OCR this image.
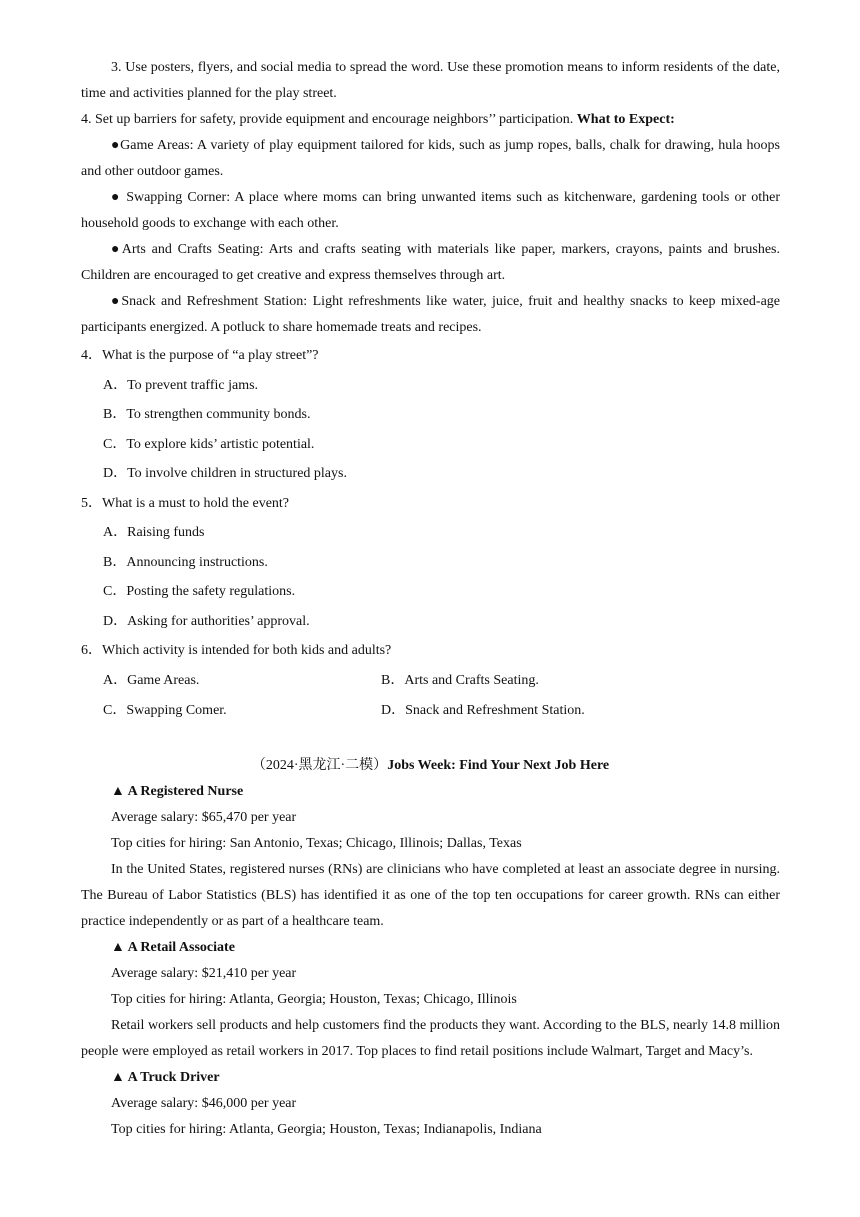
3. Use posters, flyers, and social media to spread the word. Use these promotion means to inform residents of the date, time and activities planned for the play street.

4. Set up barriers for safety, provide equipment and encourage neighbors’’ participation. What to Expect:

●Game Areas: A variety of play equipment tailored for kids, such as jump ropes, balls, chalk for drawing, hula hoops and other outdoor games.

● Swapping Corner: A place where moms can bring unwanted items such as kitchenware, gardening tools or other household goods to exchange with each other.

●Arts and Crafts Seating: Arts and crafts seating with materials like paper, markers, crayons, paints and brushes. Children are encouraged to get creative and express themselves through art.

●Snack and Refreshment Station: Light refreshments like water, juice, fruit and healthy snacks to keep mixed-age participants energized. A potluck to share homemade treats and recipes.

4．What is the purpose of “a play street”?

A．To prevent traffic jams.

B．To strengthen community bonds.

C．To explore kids’ artistic potential.

D．To involve children in structured plays.

5．What is a must to hold the event?

A．Raising funds

B．Announcing instructions.

C．Posting the safety regulations.

D．Asking for authorities’ approval.

6．Which activity is intended for both kids and adults?

A．Game Areas.	B．Arts and Crafts Seating.
C．Swapping Comer.	D．Snack and Refreshment Station.

（2024·黑龙江·二模）Jobs Week: Find Your Next Job Here

▲ A Registered Nurse

Average salary: $65,470 per year

Top cities for hiring: San Antonio, Texas; Chicago, Illinois; Dallas, Texas

In the United States, registered nurses (RNs) are clinicians who have completed at least an associate degree in nursing. The Bureau of Labor Statistics (BLS) has identified it as one of the top ten occupations for career growth. RNs can either practice independently or as part of a healthcare team.

▲ A Retail Associate

Average salary: $21,410 per year

Top cities for hiring: Atlanta, Georgia; Houston, Texas; Chicago, Illinois

Retail workers sell products and help customers find the products they want. According to the BLS, nearly 14.8 million people were employed as retail workers in 2017. Top places to find retail positions include Walmart, Target and Macy’s.

▲ A Truck Driver

Average salary: $46,000 per year

Top cities for hiring: Atlanta, Georgia; Houston, Texas; Indianapolis, Indiana
